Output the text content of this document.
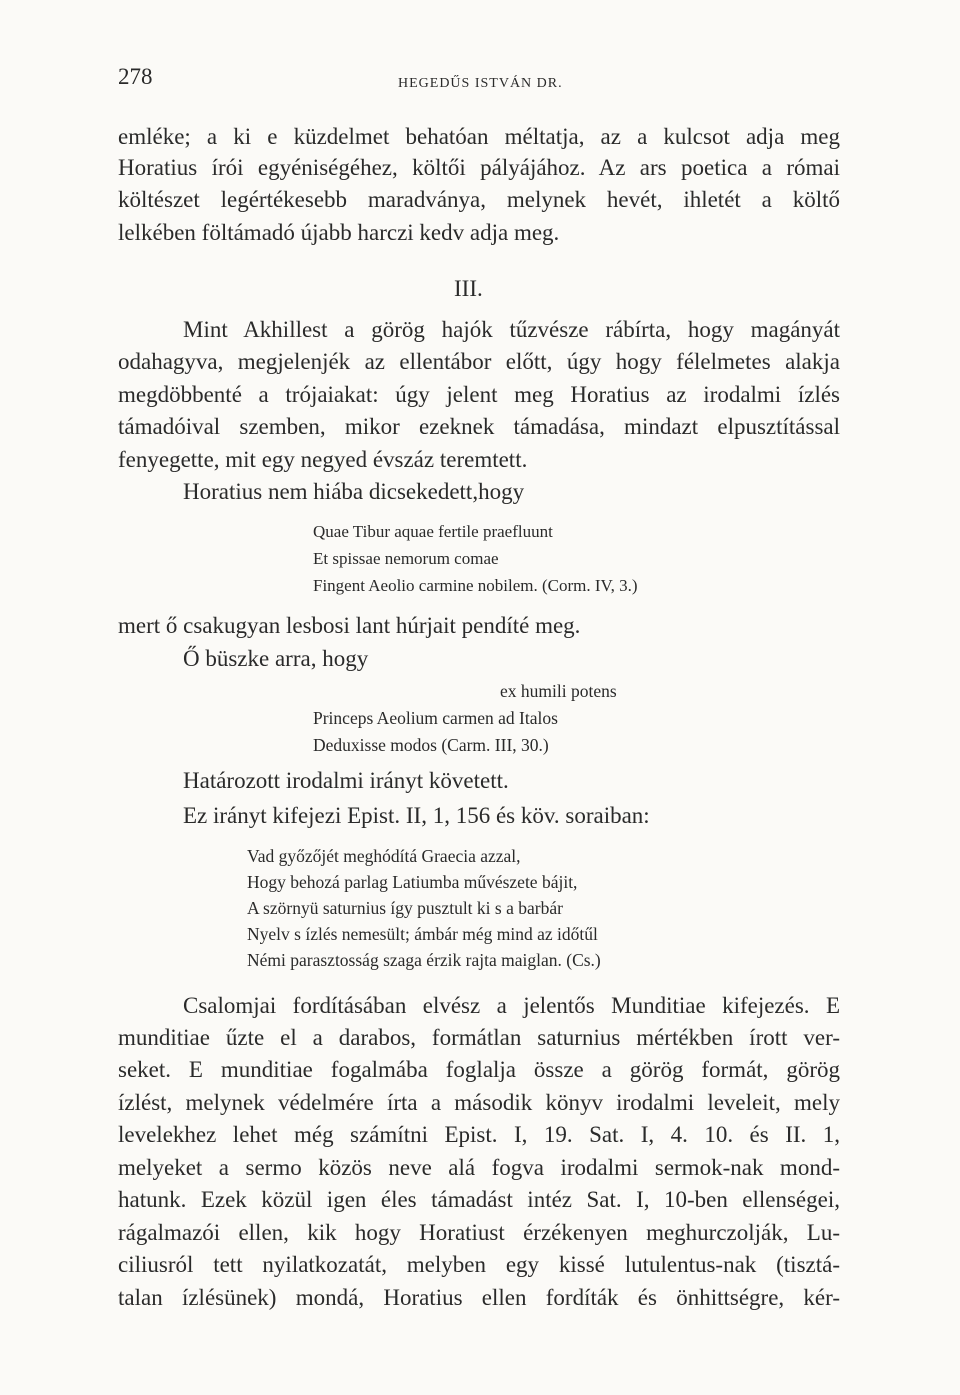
278	HEGEDŰS ISTVÁN DR.
emléke; a ki e küzdelmet behatóan méltatja, az a kulcsot adja meg
Horatius írói egyéniségéhez, költői pályájához. Az ars poetica a római
költészet legértékesebb maradványa, melynek hevét, ihletét a költő
lelkében föltámadó újabb harczi kedv adja meg.
III.
Mint Akhillest a görög hajók tűzvésze rábírta, hogy magányát
odahagyva, megjelenjék az ellentábor előtt, úgy hogy félelmetes alakja
megdöbbenté a trójaiakat: úgy jelent meg Horatius az irodalmi ízlés
támadóival szemben, mikor ezeknek támadása, mindazt elpusztítással
fenyegette, mit egy negyed évszáz teremtett.
Horatius nem hiába dicsekedett,hogy
Quae Tibur aquae fertile praefluunt
Et spissae nemorum comae
Fingent Aeolio carmine nobilem. (Corm. IV, 3.)
mert ő csakugyan lesbosi lant húrjait pendíté meg.
Ő büszke arra, hogy
ex humili potens
Princeps Aeolium carmen ad Italos
Deduxisse modos (Carm. III, 30.)
Határozott irodalmi irányt követett.
Ez irányt kifejezi Epist. II, 1, 156 és köv. soraiban:
Vad győzőjét meghódítá Graecia azzal,
Hogy behozá parlag Latiumba művészete bájit,
A szörnyü saturnius így pusztult ki s a barbár
Nyelv s ízlés nemesült; ámbár még mind az időtűl
Némi parasztosság szaga érzik rajta maiglan. (Cs.)
Csalomjai fordításában elvész a jelentős Munditiae kifejezés. E
munditiae űzte el a darabos, formátlan saturnius mértékben írott ver-
seket. E munditiae fogalmába foglalja össze a görög formát, görög
ízlést, melynek védelmére írta a második könyv irodalmi leveleit, mely
levelekhez lehet még számítni Epist. I, 19. Sat. I, 4. 10. és II. 1,
melyeket a sermo közös neve alá fogva irodalmi sermok-nak mond-
hatunk. Ezek közül igen éles támadást intéz Sat. I, 10-ben ellenségei,
rágalmazói ellen, kik hogy Horatiust érzékenyen meghurczolják, Lu-
ciliusról tett nyilatkozatát, melyben egy kissé lutulentus-nak (tisztá-
talan ízlésünek) mondá, Horatius ellen fordíták és önhittségre, kér-
